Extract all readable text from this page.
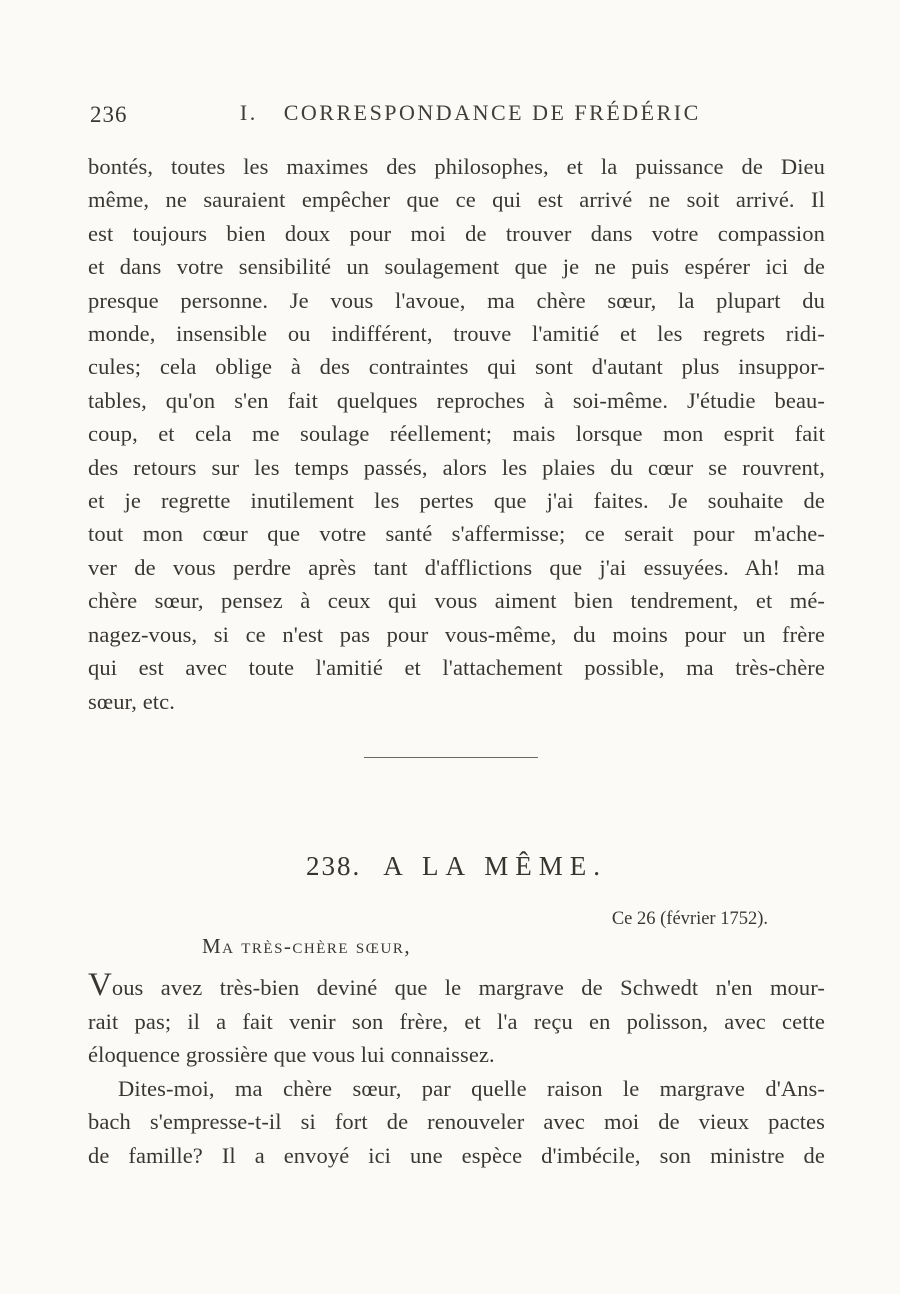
236	I. CORRESPONDANCE DE FRÉDÉRIC
bontés, toutes les maximes des philosophes, et la puissance de Dieu
même, ne sauraient empêcher que ce qui est arrivé ne soit arrivé. Il
est toujours bien doux pour moi de trouver dans votre compassion
et dans votre sensibilité un soulagement que je ne puis espérer ici de
presque personne. Je vous l'avoue, ma chère sœur, la plupart du
monde, insensible ou indifférent, trouve l'amitié et les regrets ridi-
cules; cela oblige à des contraintes qui sont d'autant plus insuppor-
tables, qu'on s'en fait quelques reproches à soi-même. J'étudie beau-
coup, et cela me soulage réellement; mais lorsque mon esprit fait
des retours sur les temps passés, alors les plaies du cœur se rouvrent,
et je regrette inutilement les pertes que j'ai faites. Je souhaite de
tout mon cœur que votre santé s'affermisse; ce serait pour m'ache-
ver de vous perdre après tant d'afflictions que j'ai essuyées. Ah! ma
chère sœur, pensez à ceux qui vous aiment bien tendrement, et mé-
nagez-vous, si ce n'est pas pour vous-même, du moins pour un frère
qui est avec toute l'amitié et l'attachement possible, ma très-chère
sœur, etc.
238. A LA MÊME.
Ce 26 (février 1752).
Ma très-chère sœur,
Vous avez très-bien deviné que le margrave de Schwedt n'en mour-
rait pas; il a fait venir son frère, et l'a reçu en polisson, avec cette
éloquence grossière que vous lui connaissez.
Dites-moi, ma chère sœur, par quelle raison le margrave d'Ans-
bach s'empresse-t-il si fort de renouveler avec moi de vieux pactes
de famille? Il a envoyé ici une espèce d'imbécile, son ministre de
